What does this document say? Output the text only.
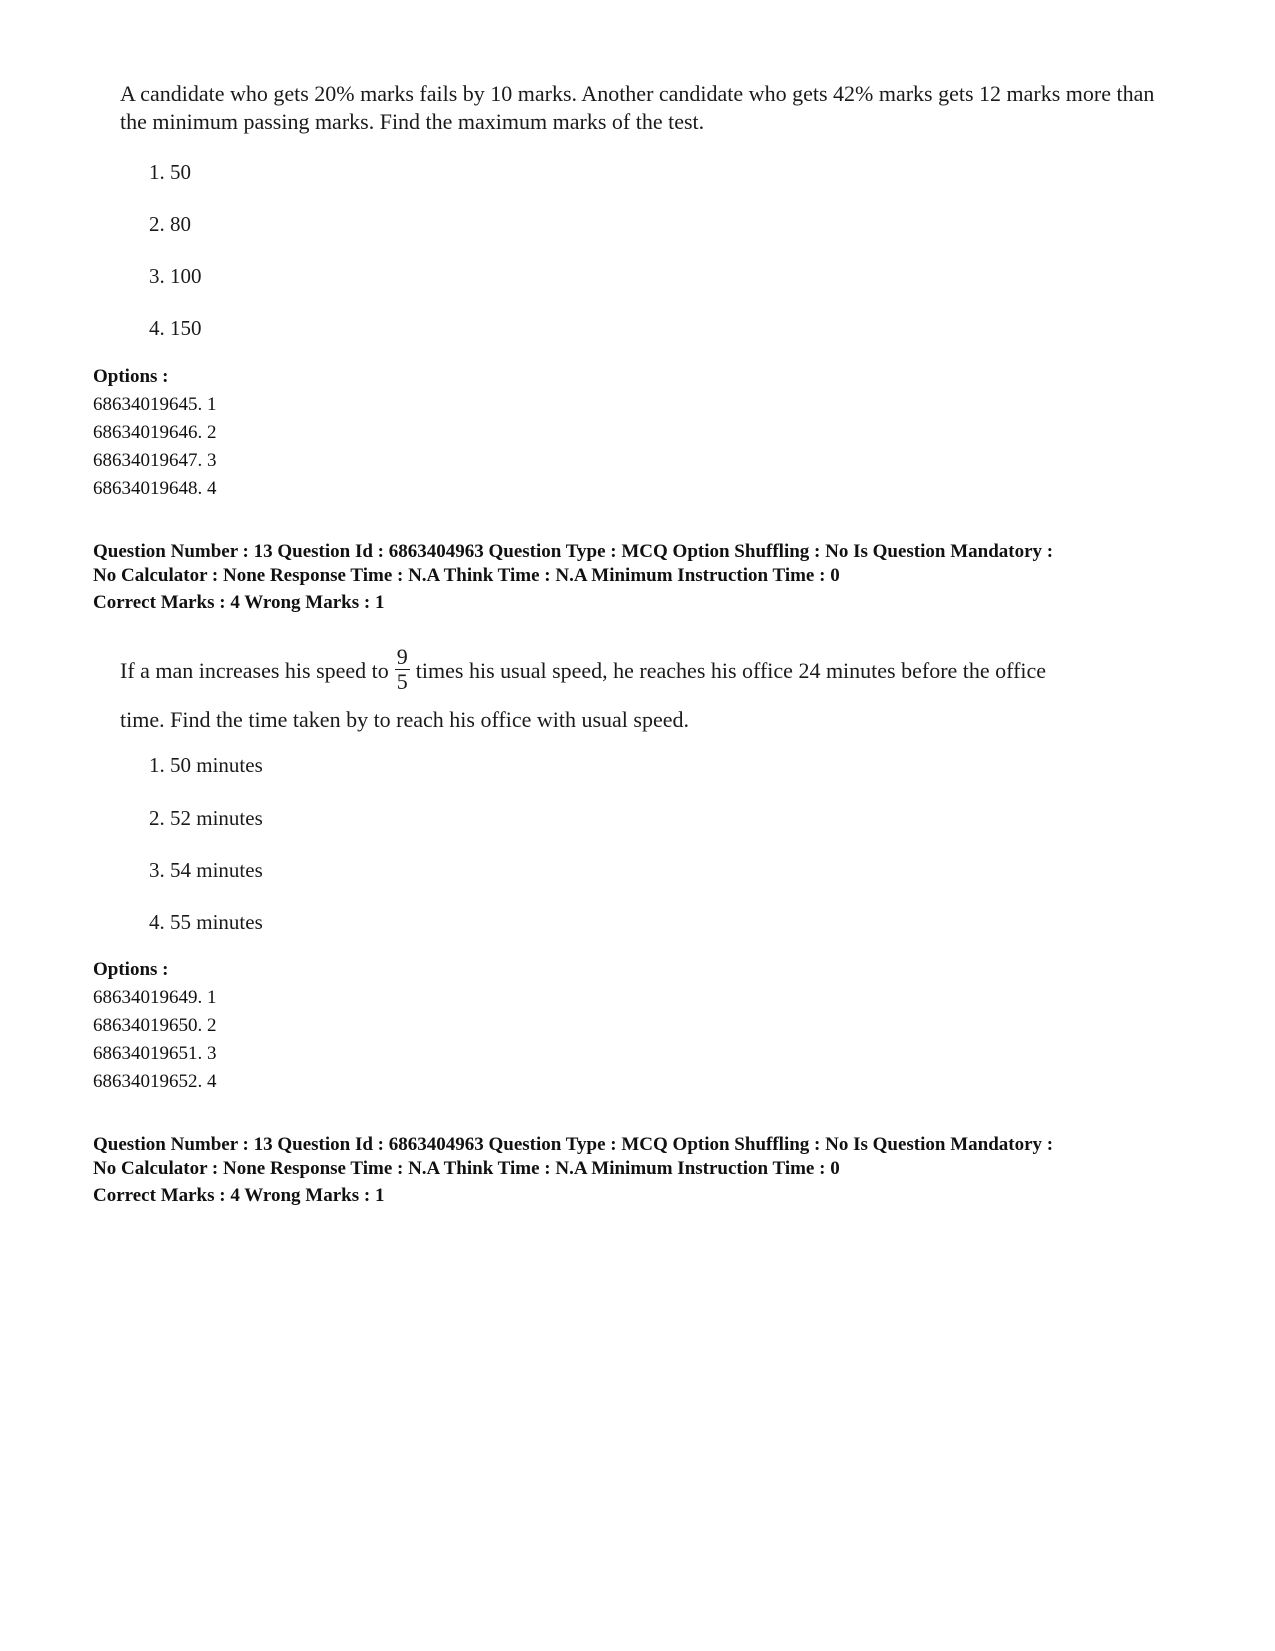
A candidate who gets 20% marks fails by 10 marks. Another candidate who gets 42% marks gets 12 marks more than the minimum passing marks. Find the maximum marks of the test.
1. 50
2. 80
3. 100
4. 150
Options :
68634019645. 1
68634019646. 2
68634019647. 3
68634019648. 4
Question Number : 13 Question Id : 6863404963 Question Type : MCQ Option Shuffling : No Is Question Mandatory :
No Calculator : None Response Time : N.A Think Time : N.A Minimum Instruction Time : 0
Correct Marks : 4 Wrong Marks : 1
If a man increases his speed to $\frac{9}{5}$ times his usual speed, he reaches his office 24 minutes before the office
time. Find the time taken by to reach his office with usual speed.
1. 50 minutes
2. 52 minutes
3. 54 minutes
4. 55 minutes
Options :
68634019649. 1
68634019650. 2
68634019651. 3
68634019652. 4
Question Number : 13 Question Id : 6863404963 Question Type : MCQ Option Shuffling : No Is Question Mandatory :
No Calculator : None Response Time : N.A Think Time : N.A Minimum Instruction Time : 0
Correct Marks : 4 Wrong Marks : 1
